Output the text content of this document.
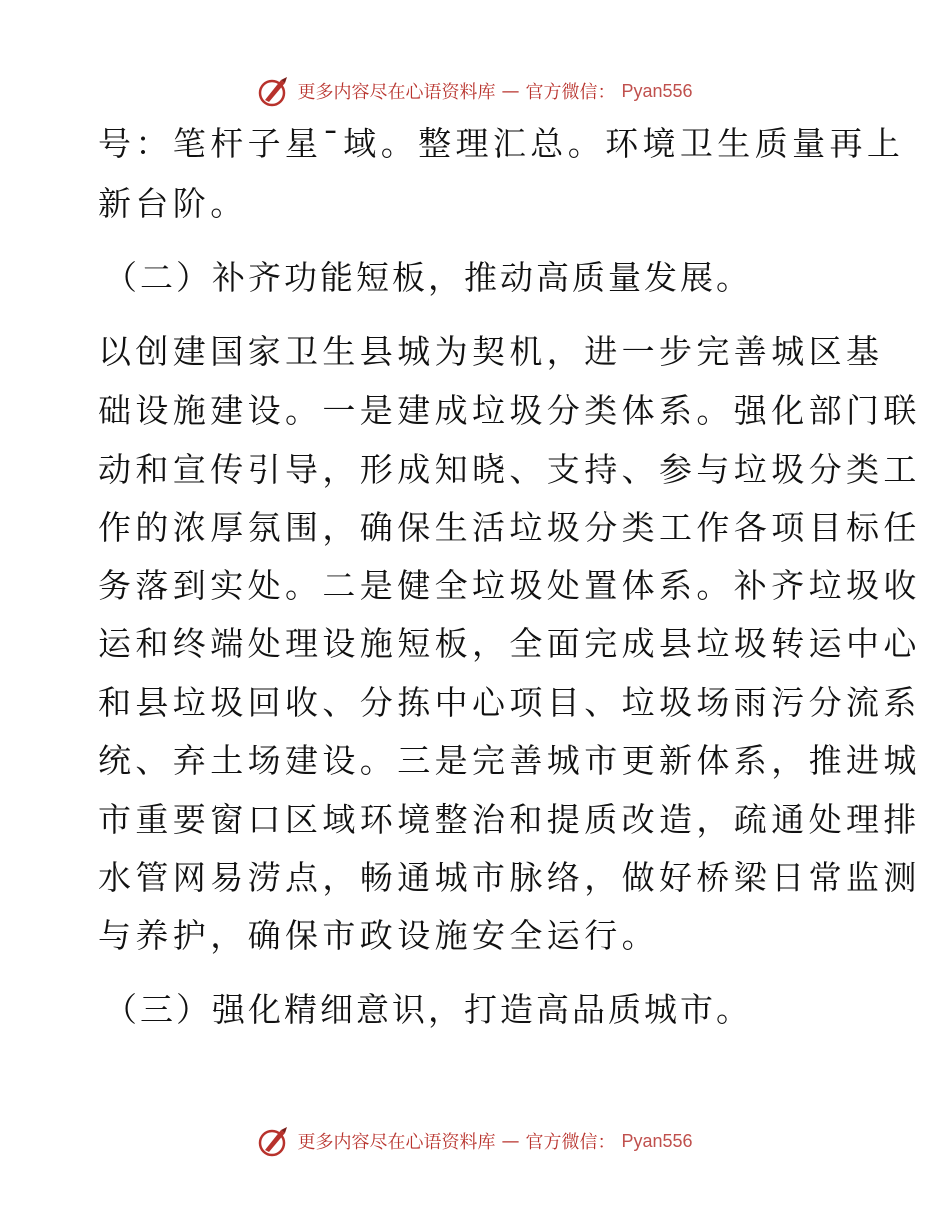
更多内容尽在心语资料库 — 官方微信： Pyan556
号：笔杆子星¯域。整理汇总。环境卫生质量再上
新台阶。
（二）补齐功能短板，推动高质量发展。
以创建国家卫生县城为契机，进一步完善城区基
础设施建设。一是建成垃圾分类体系。强化部门联
动和宣传引导，形成知晓、支持、参与垃圾分类工
作的浓厚氛围，确保生活垃圾分类工作各项目标任
务落到实处。二是健全垃圾处置体系。补齐垃圾收
运和终端处理设施短板，全面完成县垃圾转运中心
和县垃圾回收、分拣中心项目、垃圾场雨污分流系
统、弃土场建设。三是完善城市更新体系，推进城
市重要窗口区域环境整治和提质改造，疏通处理排
水管网易涝点，畅通城市脉络，做好桥梁日常监测
与养护，确保市政设施安全运行。
（三）强化精细意识，打造高品质城市。
更多内容尽在心语资料库 — 官方微信： Pyan556
